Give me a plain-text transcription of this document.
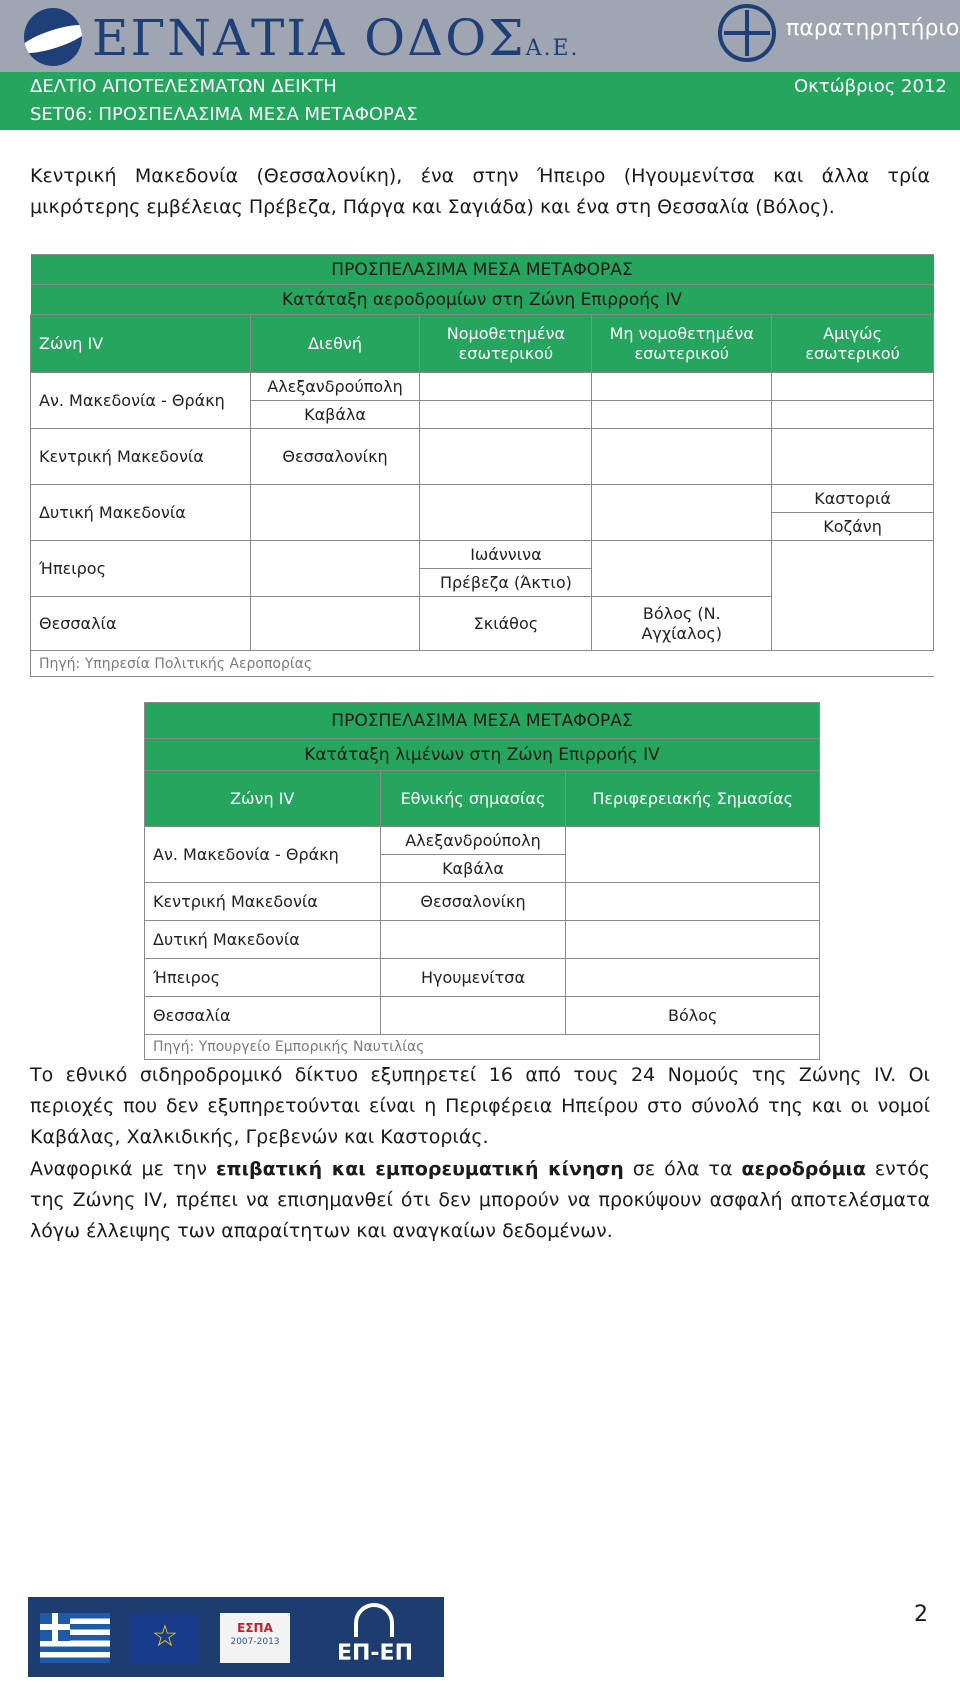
ΕΓΝΑΤΙΑ ΟΔΟΣΑ.Ε.
παρατηρητήριο
ΔΕΛΤΙΟ ΑΠΟΤΕΛΕΣΜΑΤΩΝ ΔΕΙΚΤΗ	Οκτώβριος 2012
SET06: ΠΡΟΣΠΕΛΑΣΙΜΑ ΜΕΣΑ ΜΕΤΑΦΟΡΑΣ
Κεντρική Μακεδονία (Θεσσαλονίκη), ένα στην Ήπειρο (Ηγουμενίτσα και άλλα τρία μικρότερης εμβέλειας Πρέβεζα, Πάργα και Σαγιάδα) και ένα στη Θεσσαλία (Βόλος).
ΠΡΟΣΠΕΛΑΣΙΜΑ ΜΕΣΑ ΜΕΤΑΦΟΡΑΣ				
Κατάταξη αεροδρομίων στη Ζώνη Επιρροής IV				
Ζώνη IV	Διεθνή	Νομοθετημένα εσωτερικού	Μη νομοθετημένα εσωτερικού	Αμιγώς εσωτερικού
Αν. Μακεδονία - Θράκη	Αλεξανδρούπολη			
	Καβάλα			
Κεντρική Μακεδονία	Θεσσαλονίκη			
Δυτική Μακεδονία				Καστοριά
				Κοζάνη
Ήπειρος		Ιωάννινα		
		Πρέβεζα (Άκτιο)		
Θεσσαλία		Σκιάθος	Βόλος (Ν. Αγχίαλος)	
Πηγή: Υπηρεσία Πολιτικής Αεροπορίας				
ΠΡΟΣΠΕΛΑΣΙΜΑ ΜΕΣΑ ΜΕΤΑΦΟΡΑΣ		
Κατάταξη λιμένων στη Ζώνη Επιρροής IV		
Ζώνη IV	Εθνικής σημασίας	Περιφερειακής Σημασίας
Αν. Μακεδονία - Θράκη	Αλεξανδρούπολη	
	Καβάλα	
Κεντρική Μακεδονία	Θεσσαλονίκη	
Δυτική Μακεδονία		
Ήπειρος	Ηγουμενίτσα	
Θεσσαλία		Βόλος
Πηγή: Υπουργείο Εμπορικής Ναυτιλίας		
Το εθνικό σιδηροδρομικό δίκτυο εξυπηρετεί 16 από τους 24 Νομούς της Ζώνης IV. Οι περιοχές που δεν εξυπηρετούνται είναι η Περιφέρεια Ηπείρου στο σύνολό της και οι νομοί Καβάλας, Χαλκιδικής, Γρεβενών και Καστοριάς.
Αναφορικά με την επιβατική και εμπορευματική κίνηση σε όλα τα αεροδρόμια εντός της Ζώνης IV, πρέπει να επισημανθεί ότι δεν μπορούν να προκύψουν ασφαλή αποτελέσματα λόγω έλλειψης των απαραίτητων και αναγκαίων δεδομένων.
☆
ΕΣΠΑ
2007-2013	ΕΠ-ΕΠ
2
